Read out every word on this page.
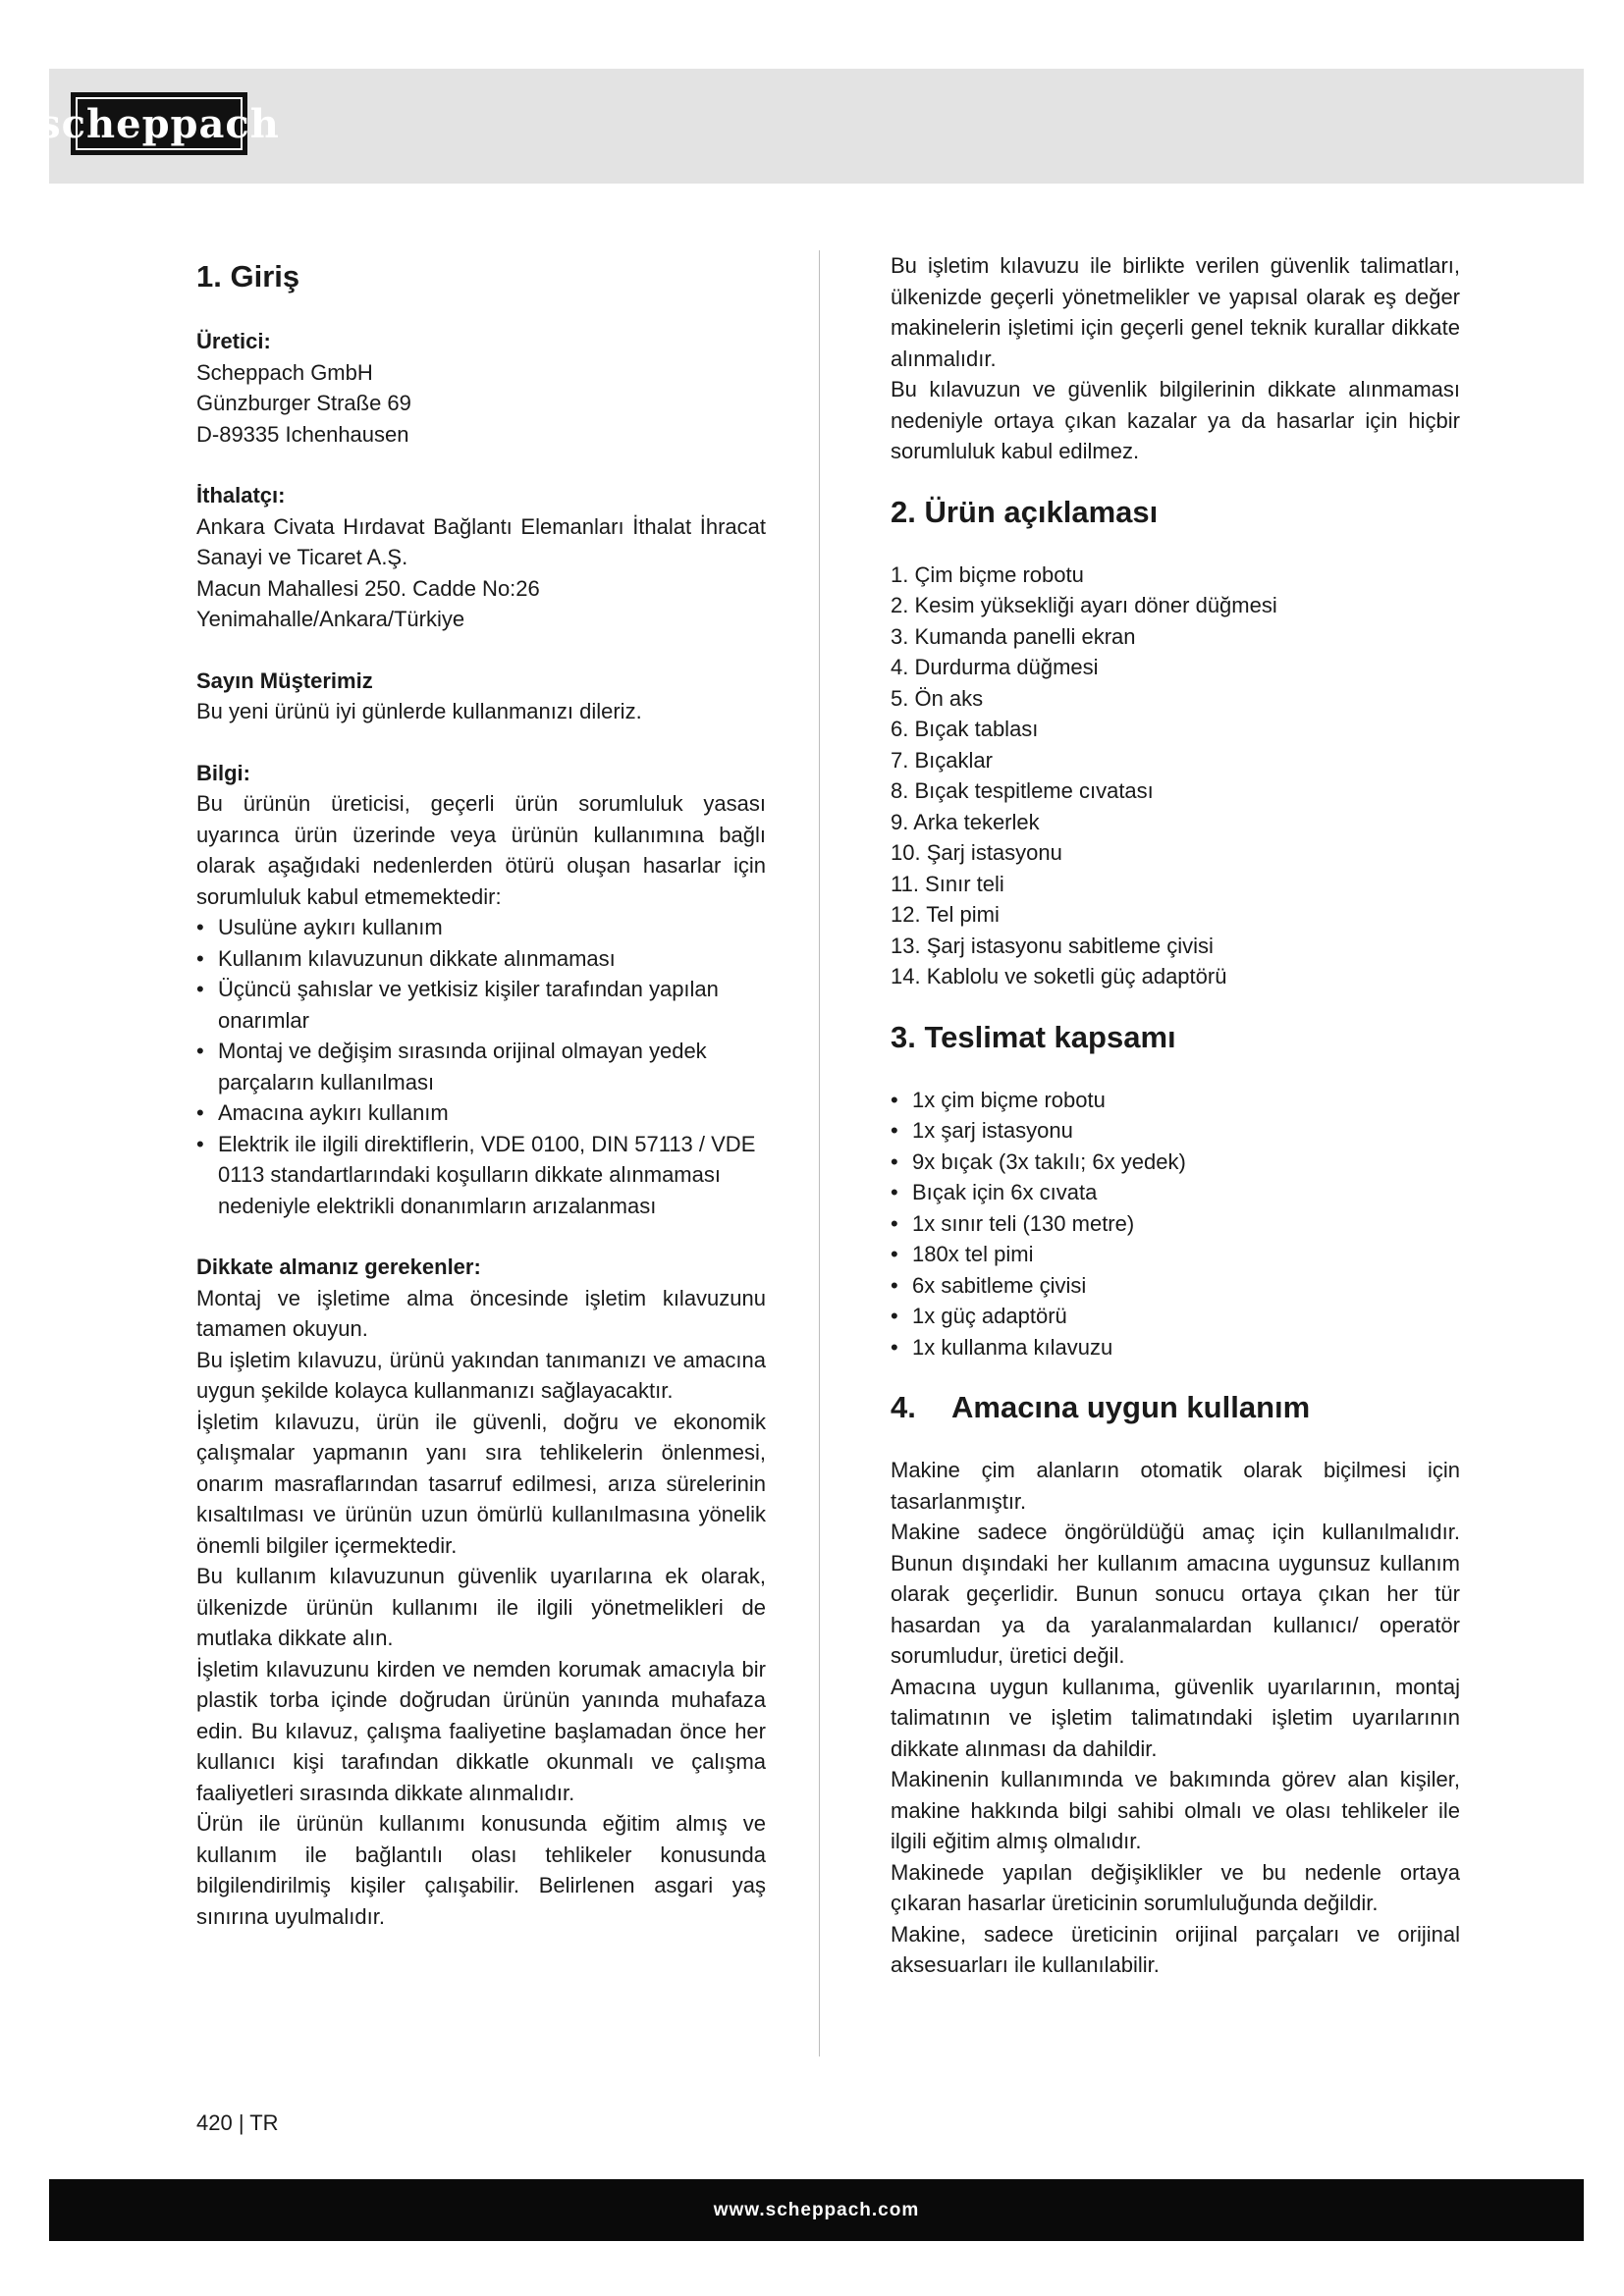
scheppach
1. Giriş

Üretici:

Scheppach GmbH

Günzburger Straße 69

D-89335 Ichenhausen

İthalatçı:

Ankara Civata Hırdavat Bağlantı Elemanları İthalat İhracat Sanayi ve Ticaret A.Ş.

Macun Mahallesi 250. Cadde No:26

Yenimahalle/Ankara/Türkiye

Sayın Müşterimiz

Bu yeni ürünü iyi günlerde kullanmanızı dileriz.

Bilgi:

Bu ürünün üreticisi, geçerli ürün sorumluluk yasası uyarınca ürün üzerinde veya ürünün kullanımına bağlı olarak aşağıdaki nedenlerden ötürü oluşan hasarlar için sorumluluk kabul etmemektedir:

• Usulüne aykırı kullanım
• Kullanım kılavuzunun dikkate alınmaması
• Üçüncü şahıslar ve yetkisiz kişiler tarafından yapılan onarımlar
• Montaj ve değişim sırasında orijinal olmayan yedek parçaların kullanılması
• Amacına aykırı kullanım
• Elektrik ile ilgili direktiflerin, VDE 0100, DIN 57113 / VDE 0113 standartlarındaki koşulların dikkate alınmaması nedeniyle elektrikli donanımların arızalanması

Dikkate almanız gerekenler:

Montaj ve işletime alma öncesinde işletim kılavuzunu tamamen okuyun.

Bu işletim kılavuzu, ürünü yakından tanımanızı ve amacına uygun şekilde kolayca kullanmanızı sağlayacaktır.

İşletim kılavuzu, ürün ile güvenli, doğru ve ekonomik çalışmalar yapmanın yanı sıra tehlikelerin önlenmesi, onarım masraflarından tasarruf edilmesi, arıza sürelerinin kısaltılması ve ürünün uzun ömürlü kullanılmasına yönelik önemli bilgiler içermektedir.

Bu kullanım kılavuzunun güvenlik uyarılarına ek olarak, ülkenizde ürünün kullanımı ile ilgili yönetmelikleri de mutlaka dikkate alın.

İşletim kılavuzunu kirden ve nemden korumak amacıyla bir plastik torba içinde doğrudan ürünün yanında muhafaza edin. Bu kılavuz, çalışma faaliyetine başlamadan önce her kullanıcı kişi tarafından dikkatle okunmalı ve çalışma faaliyetleri sırasında dikkate alınmalıdır.

Ürün ile ürünün kullanımı konusunda eğitim almış ve kullanım ile bağlantılı olası tehlikeler konusunda bilgilendirilmiş kişiler çalışabilir. Belirlenen asgari yaş sınırına uyulmalıdır.

Bu işletim kılavuzu ile birlikte verilen güvenlik talimatları, ülkenizde geçerli yönetmelikler ve yapısal olarak eş değer makinelerin işletimi için geçerli genel teknik kurallar dikkate alınmalıdır.

Bu kılavuzun ve güvenlik bilgilerinin dikkate alınmaması nedeniyle ortaya çıkan kazalar ya da hasarlar için hiçbir sorumluluk kabul edilmez.

2. Ürün açıklaması
1. Çim biçme robotu
2. Kesim yüksekliği ayarı döner düğmesi
3. Kumanda panelli ekran
4. Durdurma düğmesi
5. Ön aks
6. Bıçak tablası
7. Bıçaklar
8. Bıçak tespitleme cıvatası
9. Arka tekerlek
10. Şarj istasyonu
11. Sınır teli
12. Tel pimi
13. Şarj istasyonu sabitleme çivisi
14. Kablolu ve soketli güç adaptörü
3. Teslimat kapsamı
• 1x çim biçme robotu
• 1x şarj istasyonu
• 9x bıçak (3x takılı; 6x yedek)
• Bıçak için 6x cıvata
• 1x sınır teli (130 metre)
• 180x tel pimi
• 6x sabitleme çivisi
• 1x güç adaptörü
• 1x kullanma kılavuzu
4. Amacına uygun kullanım

Makine çim alanların otomatik olarak biçilmesi için tasarlanmıştır.

Makine sadece öngörüldüğü amaç için kullanılmalıdır. Bunun dışındaki her kullanım amacına uygunsuz kullanım olarak geçerlidir. Bunun sonucu ortaya çıkan her tür hasardan ya da yaralanmalardan kullanıcı/ operatör sorumludur, üretici değil.

Amacına uygun kullanıma, güvenlik uyarılarının, montaj talimatının ve işletim talimatındaki işletim uyarılarının dikkate alınması da dahildir.

Makinenin kullanımında ve bakımında görev alan kişiler, makine hakkında bilgi sahibi olmalı ve olası tehlikeler ile ilgili eğitim almış olmalıdır.

Makinede yapılan değişiklikler ve bu nedenle ortaya çıkaran hasarlar üreticinin sorumluluğunda değildir.

Makine, sadece üreticinin orijinal parçaları ve orijinal aksesuarları ile kullanılabilir.

420 | TR
www.scheppach.com
